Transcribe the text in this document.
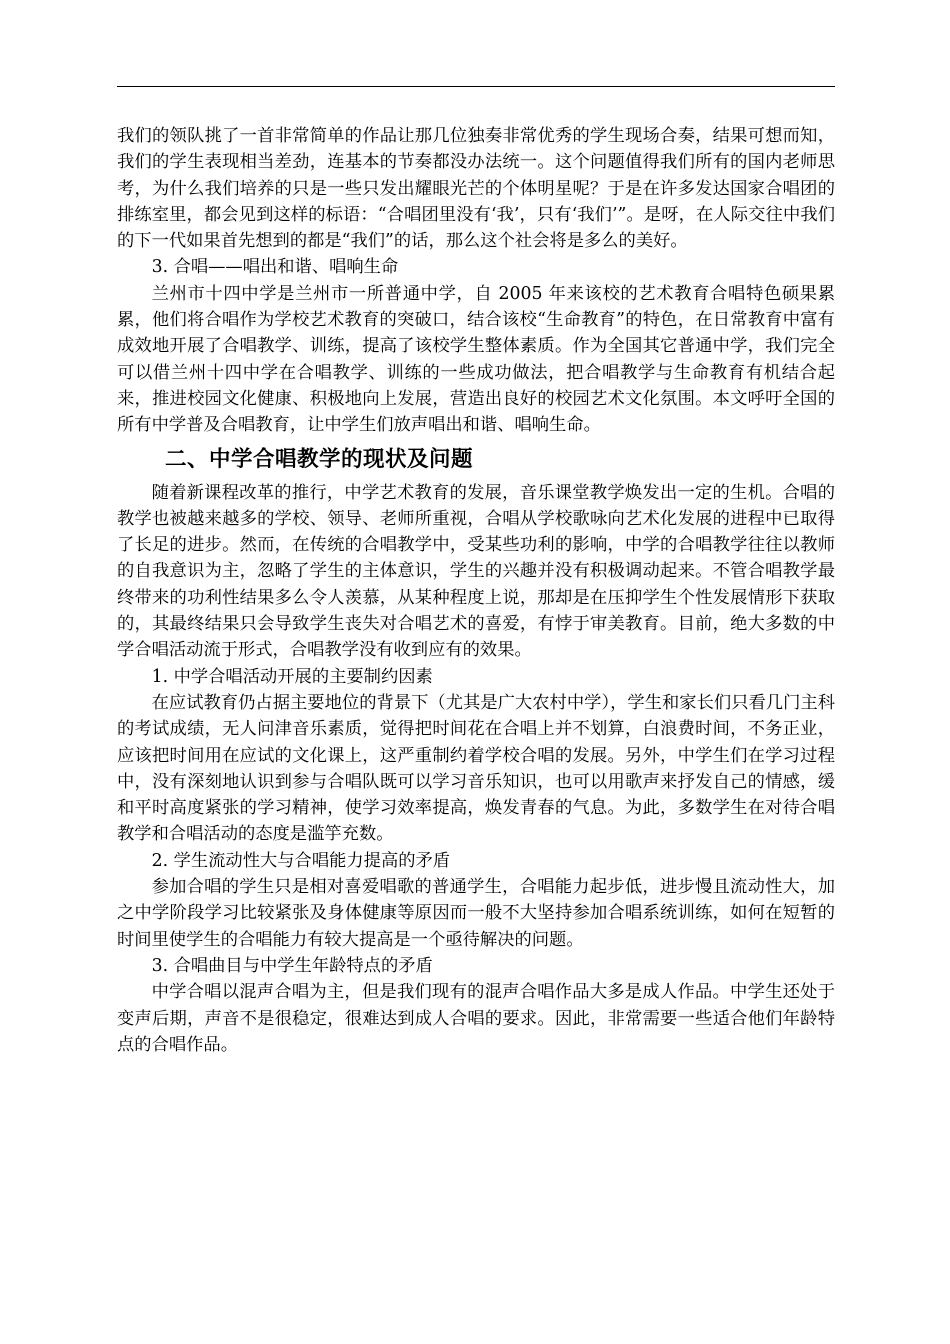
我们的领队挑了一首非常简单的作品让那几位独奏非常优秀的学生现场合奏，结果可想而知，我们的学生表现相当差劲，连基本的节奏都没办法统一。这个问题值得我们所有的国内老师思考，为什么我们培养的只是一些只发出耀眼光芒的个体明星呢？于是在许多发达国家合唱团的排练室里，都会见到这样的标语：“合唱团里没有‘我’，只有‘我们’”。是呀，在人际交往中我们的下一代如果首先想到的都是“我们”的话，那么这个社会将是多么的美好。

3. 合唱——唱出和谐、唱响生命

兰州市十四中学是兰州市一所普通中学，自 2005 年来该校的艺术教育合唱特色硕果累累，他们将合唱作为学校艺术教育的突破口，结合该校“生命教育”的特色，在日常教育中富有成效地开展了合唱教学、训练，提高了该校学生整体素质。作为全国其它普通中学，我们完全可以借兰州十四中学在合唱教学、训练的一些成功做法，把合唱教学与生命教育有机结合起来，推进校园文化健康、积极地向上发展，营造出良好的校园艺术文化氛围。本文呼吁全国的所有中学普及合唱教育，让中学生们放声唱出和谐、唱响生命。

二、中学合唱教学的现状及问题

随着新课程改革的推行，中学艺术教育的发展，音乐课堂教学焕发出一定的生机。合唱的教学也被越来越多的学校、领导、老师所重视，合唱从学校歌咏向艺术化发展的进程中已取得了长足的进步。然而，在传统的合唱教学中，受某些功利的影响，中学的合唱教学往往以教师的自我意识为主，忽略了学生的主体意识，学生的兴趣并没有积极调动起来。不管合唱教学最终带来的功利性结果多么令人羡慕，从某种程度上说，那却是在压抑学生个性发展情形下获取的，其最终结果只会导致学生丧失对合唱艺术的喜爱，有悖于审美教育。目前，绝大多数的中学合唱活动流于形式，合唱教学没有收到应有的效果。

1. 中学合唱活动开展的主要制约因素

在应试教育仍占据主要地位的背景下（尤其是广大农村中学），学生和家长们只看几门主科的考试成绩，无人问津音乐素质，觉得把时间花在合唱上并不划算，白浪费时间，不务正业，应该把时间用在应试的文化课上，这严重制约着学校合唱的发展。另外，中学生们在学习过程中，没有深刻地认识到参与合唱队既可以学习音乐知识，也可以用歌声来抒发自己的情感，缓和平时高度紧张的学习精神，使学习效率提高，焕发青春的气息。为此，多数学生在对待合唱教学和合唱活动的态度是滥竽充数。

2. 学生流动性大与合唱能力提高的矛盾

参加合唱的学生只是相对喜爱唱歌的普通学生，合唱能力起步低，进步慢且流动性大，加之中学阶段学习比较紧张及身体健康等原因而一般不大坚持参加合唱系统训练，如何在短暂的时间里使学生的合唱能力有较大提高是一个亟待解决的问题。

3. 合唱曲目与中学生年龄特点的矛盾

中学合唱以混声合唱为主，但是我们现有的混声合唱作品大多是成人作品。中学生还处于变声后期，声音不是很稳定，很难达到成人合唱的要求。因此，非常需要一些适合他们年龄特点的合唱作品。
